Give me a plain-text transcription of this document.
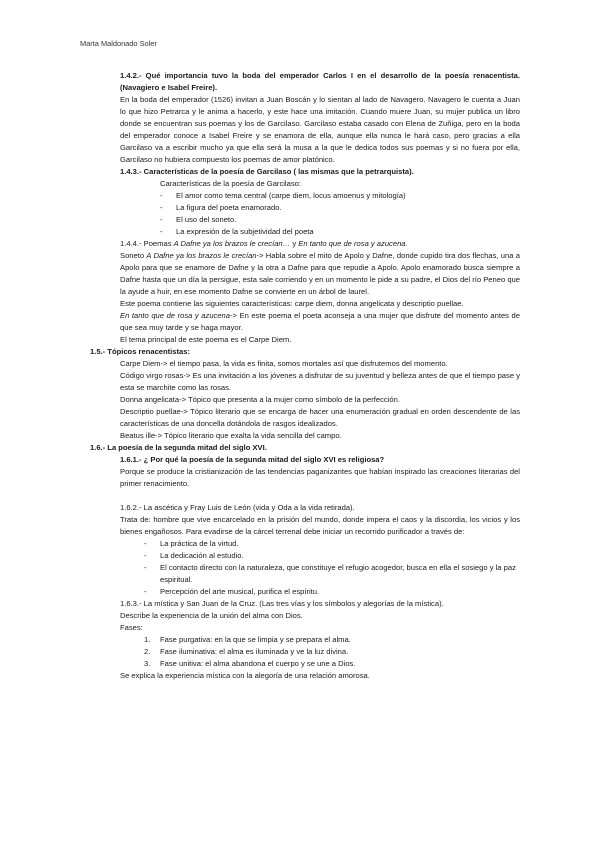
Marta Maldonado Soler

1.4.2.- Qué importancia tuvo la boda del emperador Carlos I en el desarrollo de la poesía renacentista. (Navagiero e Isabel Freire).

En la boda del emperador (1526) invitan a Juan Boscán y lo sientan al lado de Navagero. Navagero le cuenta a Juan lo que hizo Petrarca y le anima a hacerlo, y este hace una imitación. Cuando muere Juan, su mujer publica un libro donde se encuentran sus poemas y los de Garcilaso. Garcilaso estaba casado con Elena de Zuñiga, pero en la boda del emperador conoce a Isabel Freire y se enamora de ella, aunque ella nunca le hará caso, pero gracias a ella Garcilaso va a escribir mucho ya que ella será la musa a la que le dedica todos sus poemas y si no fuera por ella, Garcilaso no hubiera compuesto los poemas de amor platónico.

1.4.3.- Características de la poesía de Garcilaso ( las mismas que la petrarquista).

Características de la poesía de Garcilaso:

- El amor como tema central (carpe diem, locus amoenus y mitología)
- La figura del poeta enamorado.
- El uso del soneto.
- La expresión de la subjetividad del poeta

1.4.4.- Poemas A Dafne ya los brazos le crecían… y En tanto que de rosa y azucena.

Soneto A Dafne ya los brazos le crecían-> Habla sobre el mito de Apolo y Dafne, donde cupido tira dos flechas, una a Apolo para que se enamore de Dafne y la otra a Dafne para que repudie a Apolo. Apolo enamorado busca siempre a Dafne hasta que un día la persigue, esta sale corriendo y en un momento le pide a su padre, el Dios del río Peneo que la ayude a huir, en ese momento Dafne se convierte en un árbol de laurel.

Este poema contiene las siguientes características: carpe diem, donna angelicata y descriptio puellae.

En tanto que de rosa y azucena-> En este poema el poeta aconseja a una mujer que disfrute del momento antes de que sea muy tarde y se haga mayor.

El tema principal de este poema es el Carpe Diem.

1.5.- Tópicos renacentistas:

Carpe Diem-> el tiempo pasa, la vida es finita, somos mortales así que disfrutemos del momento.

Código virgo rosas-> Es una invitación a los jóvenes a disfrutar de su juventud y belleza antes de que el tiempo pase y esta se marchite como las rosas.

Donna angelicata-> Tópico que presenta a la mujer como símbolo de la perfección.

Descriptio puellae-> Tópico literario que se encarga de hacer una enumeración gradual en orden descendente de las características de una doncella dotándola de rasgos idealizados.

Beatus ille-> Tópico literario que exalta la vida sencilla del campo.

1.6.- La poesía de la segunda mitad del siglo XVI.

1.6.1.- ¿ Por qué la poesía de la segunda mitad del siglo XVI es religiosa?

Porque se produce la cristianización de las tendencias paganizantes que habían inspirado las creaciones literarias del primer renacimiento.

1.6.2.- La ascética y Fray Luis de León (vida y Oda a la vida retirada).

Trata de: hombre que vive encarcelado en la prisión del mundo, donde impera el caos y la discordia, los vicios y los bienes engañosos. Para evadirse de la cárcel terrenal debe iniciar un recorrido purificador a través de:

- La práctica de la virtud.
- La dedicación al estudio.
- El contacto directo con la naturaleza, que constituye el refugio acogedor, busca en ella el sosiego y la paz espiritual.
- Percepción del arte musical, purifica el espíritu.

1.6.3.- La mística y San Juan de la Cruz. (Las tres vías y los símbolos y alegorías de la mística).

Describe la experiencia de la unión del alma con Dios.

Fases:

1. Fase purgativa: en la que se limpia y se prepara el alma.
2. Fase iluminativa: el alma es iluminada y ve la luz divina.
3. Fase unitiva: el alma abandona el cuerpo y se une a Dios.

Se explica la experiencia mística con la alegoría de una relación amorosa.
